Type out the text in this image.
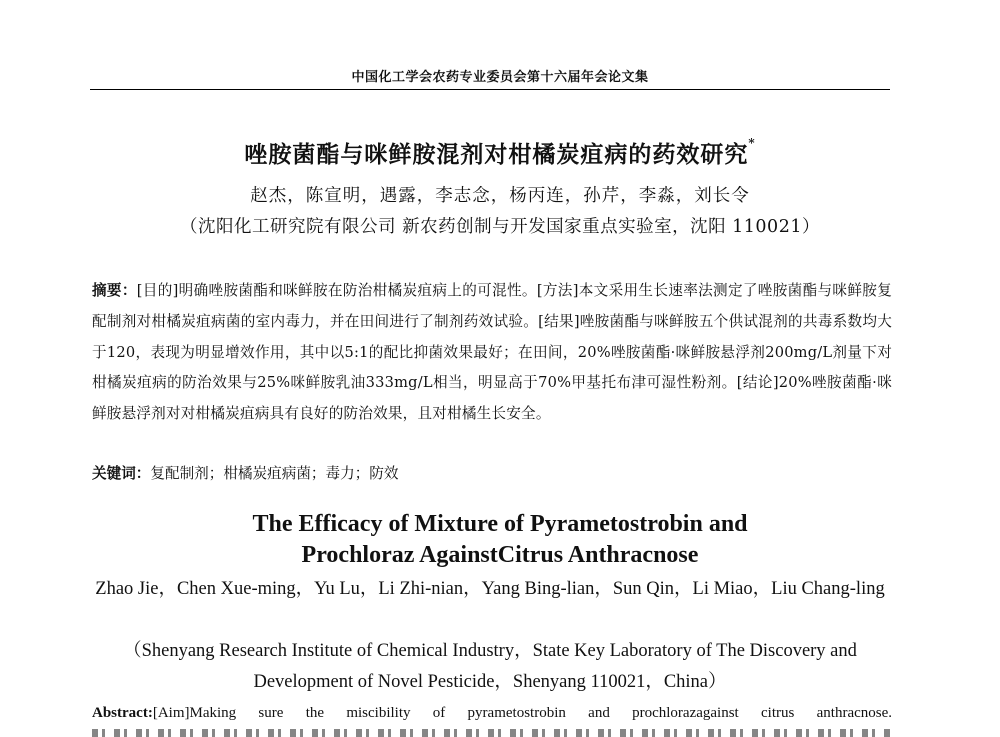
中国化工学会农药专业委员会第十六届年会论文集
唑胺菌酯与咪鲜胺混剂对柑橘炭疽病的药效研究*
赵杰，陈宣明，遇露，李志念，杨丙连，孙芹，李淼，刘长令
（沈阳化工研究院有限公司 新农药创制与开发国家重点实验室，沈阳 110021）
摘要：[目的]明确唑胺菌酯和咪鲜胺在防治柑橘炭疽病上的可混性。[方法]本文采用生长速率法测定了唑胺菌酯与咪鲜胺复配制剂对柑橘炭疽病菌的室内毒力，并在田间进行了制剂药效试验。[结果]唑胺菌酯与咪鲜胺五个供试混剂的共毒系数均大于120，表现为明显增效作用，其中以5:1的配比抑菌效果最好；在田间，20%唑胺菌酯·咪鲜胺悬浮剂200mg/L剂量下对柑橘炭疽病的防治效果与25%咪鲜胺乳油333mg/L相当，明显高于70%甲基托布津可湿性粉剂。[结论]20%唑胺菌酯·咪鲜胺悬浮剂对对柑橘炭疽病具有良好的防治效果，且对柑橘生长安全。
关键词：复配制剂；柑橘炭疽病菌；毒力；防效
The Efficacy of Mixture of Pyrametostrobin and
Prochloraz AgainstCitrus Anthracnose
Zhao Jie，Chen Xue-ming，Yu Lu，Li Zhi-nian，Yang Bing-lian，Sun Qin，Li Miao，Liu Chang-ling
（Shenyang Research Institute of Chemical Industry，State Key Laboratory of The Discovery and Development of Novel Pesticide，Shenyang 110021，China）
Abstract:[Aim]Making sure the miscibility of pyrametostrobin and prochlorazagainst citrus anthracnose.
